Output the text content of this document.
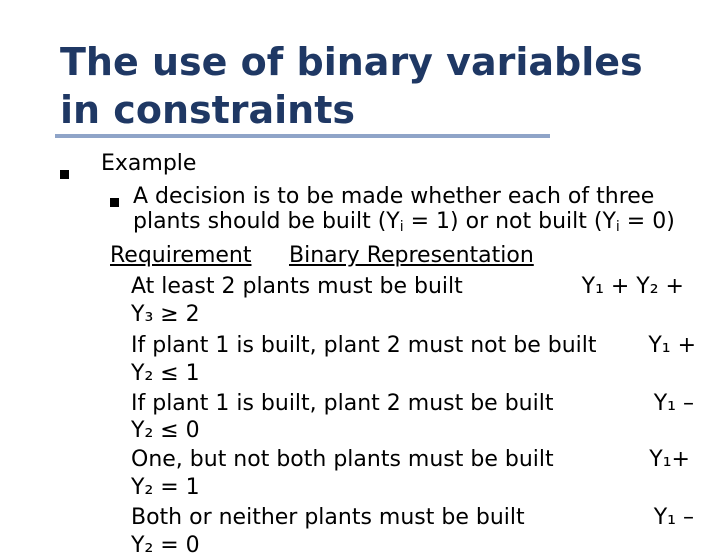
The use of binary variables in constraints
Example
A decision is to be made whether each of three
plants should be built $(Y_i = 1)$ or not built $(Y_i = 0)$
Requirement Binary Representation
At least 2 plants must be built	Y₁ + Y₂ +
Y₃ ≥ 2
If plant 1 is built, plant 2 must not be built Y₁ +
Y₂ ≤ 1
If plant 1 is built, plant 2 must be built	Y₁ –
Y₂ ≤ 0
One, but not both plants must be built	Y₁+
Y₂ = 1
Both or neither plants must be built	Y₁ –
Y₂ = 0
